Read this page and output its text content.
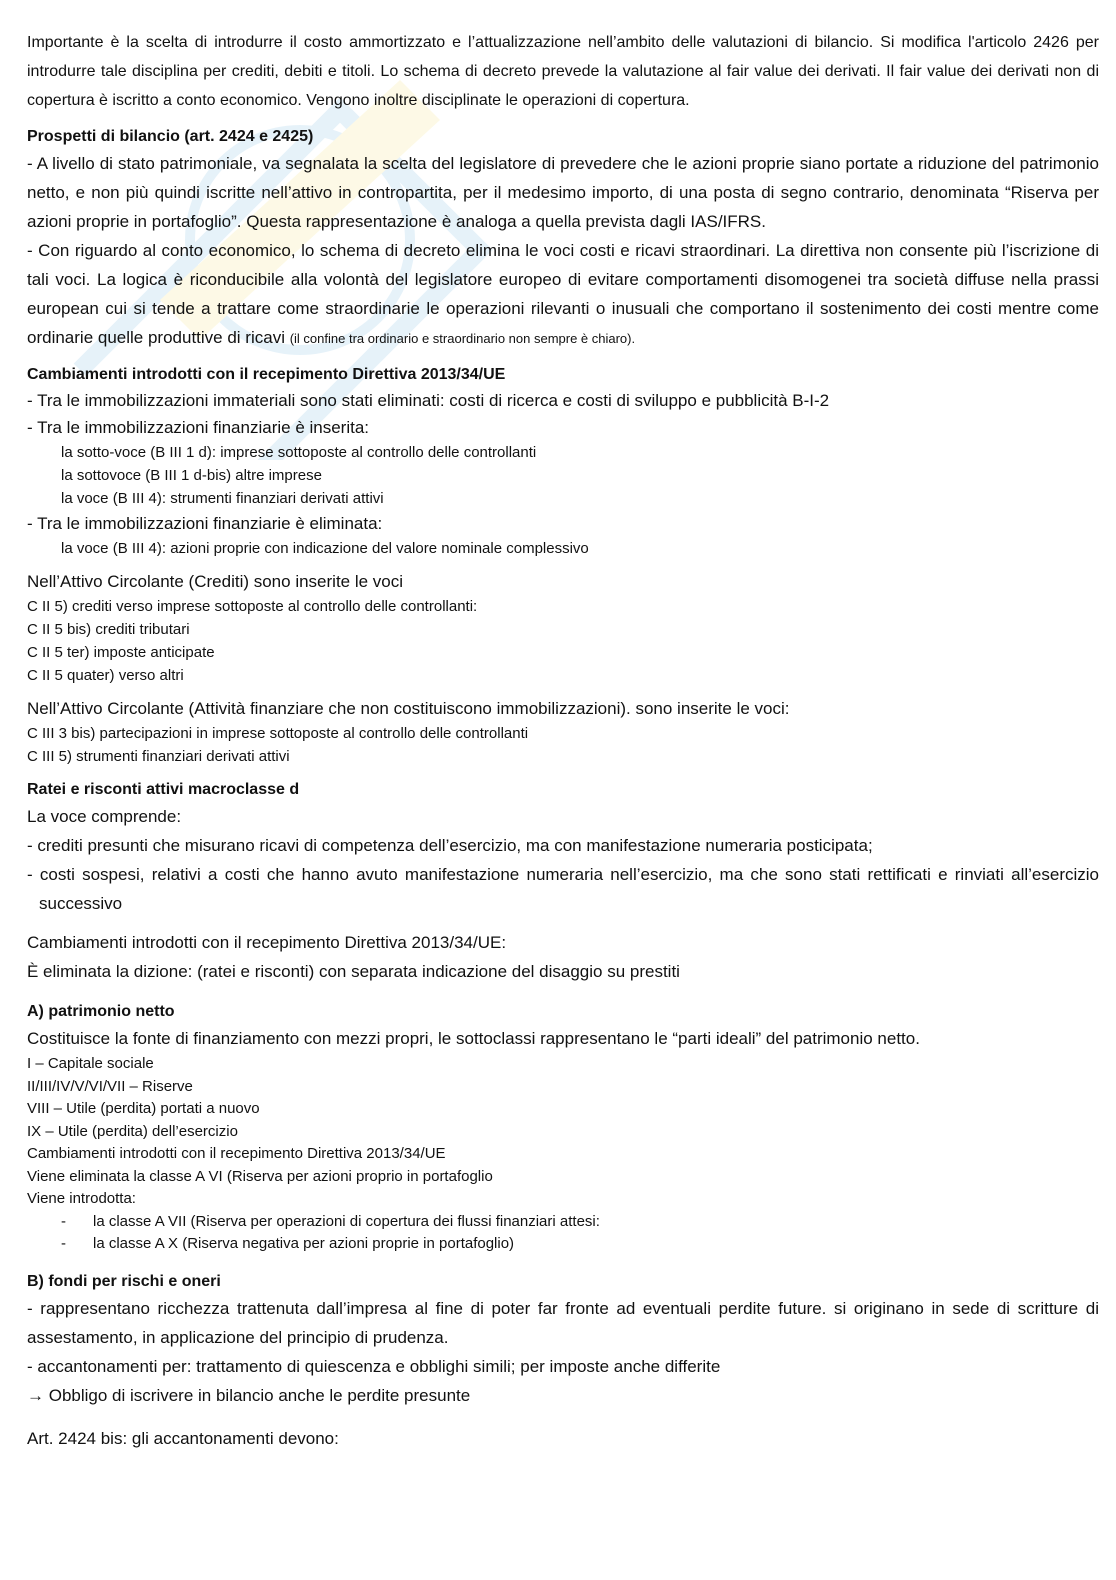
Importante è la scelta di introdurre il costo ammortizzato e l’attualizzazione nell’ambito delle valutazioni di bilancio. Si modifica l'articolo 2426 per introdurre tale disciplina per crediti, debiti e titoli. Lo schema di decreto prevede la valutazione al fair value dei derivati. Il fair value dei derivati non di copertura è iscritto a conto economico. Vengono inoltre disciplinate le operazioni di copertura.
Prospetti di bilancio (art. 2424 e 2425)
- A livello di stato patrimoniale, va segnalata la scelta del legislatore di prevedere che le azioni proprie siano portate a riduzione del patrimonio netto, e non più quindi iscritte nell’attivo in contropartita, per il medesimo importo, di una posta di segno contrario, denominata “Riserva per azioni proprie in portafoglio”. Questa rappresentazione è analoga a quella prevista dagli IAS/IFRS.
- Con riguardo al conto economico, lo schema di decreto elimina le voci costi e ricavi straordinari. La direttiva non consente più l’iscrizione di tali voci. La logica è riconducibile alla volontà del legislatore europeo di evitare comportamenti disomogenei tra società diffuse nella prassi european cui si tende a trattare come straordinarie le operazioni rilevanti o inusuali che comportano il sostenimento dei costi mentre come ordinarie quelle produttive di ricavi (il confine tra ordinario e straordinario non sempre è chiaro).
Cambiamenti introdotti con il recepimento Direttiva 2013/34/UE
- Tra le immobilizzazioni immateriali sono stati eliminati: costi di ricerca e costi di sviluppo e pubblicità B-I-2
- Tra le immobilizzazioni finanziarie è inserita:
la sotto-voce (B III 1 d): imprese sottoposte al controllo delle controllanti
la sottovoce (B III 1 d-bis) altre imprese
la voce (B III 4): strumenti finanziari derivati attivi
- Tra le immobilizzazioni finanziarie è eliminata:
la voce (B III 4): azioni proprie con indicazione del valore nominale complessivo
Nell’Attivo Circolante (Crediti) sono inserite le voci
C II 5) crediti verso imprese sottoposte al controllo delle controllanti:
C II 5 bis) crediti tributari
C II 5 ter) imposte anticipate
C II 5 quater) verso altri
Nell’Attivo Circolante (Attività finanziare che non costituiscono immobilizzazioni). sono inserite le voci:
C III 3 bis) partecipazioni in imprese sottoposte al controllo delle controllanti
C III 5) strumenti finanziari derivati attivi
Ratei e risconti attivi macroclasse d
La voce comprende:
- crediti presunti che misurano ricavi di competenza dell’esercizio, ma con manifestazione numeraria posticipata;
- costi sospesi, relativi a costi che hanno avuto manifestazione numeraria nell’esercizio, ma che sono stati rettificati e rinviati all’esercizio successivo
Cambiamenti introdotti con il recepimento Direttiva 2013/34/UE:
È eliminata la dizione: (ratei e risconti) con separata indicazione del disaggio su prestiti
A) patrimonio netto
Costituisce la fonte di finanziamento con mezzi propri, le sottoclassi rappresentano le “parti ideali” del patrimonio netto.
I – Capitale sociale
II/III/IV/V/VI/VII – Riserve
VIII – Utile (perdita) portati a nuovo
IX – Utile (perdita) dell’esercizio
Cambiamenti introdotti con il recepimento Direttiva 2013/34/UE
Viene eliminata la classe A VI (Riserva per azioni proprio in portafoglio
Viene introdotta:
- la classe A VII (Riserva per operazioni di copertura dei flussi finanziari attesi:
- la classe A X (Riserva negativa per azioni proprie in portafoglio)
B) fondi per rischi e oneri
- rappresentano ricchezza trattenuta dall’impresa al fine di poter far fronte ad eventuali perdite future. si originano in sede di scritture di assestamento, in applicazione del principio di prudenza.
- accantonamenti per: trattamento di quiescenza e obblighi simili; per imposte anche differite
→ Obbligo di iscrivere in bilancio anche le perdite presunte
Art. 2424 bis: gli accantonamenti devono:
